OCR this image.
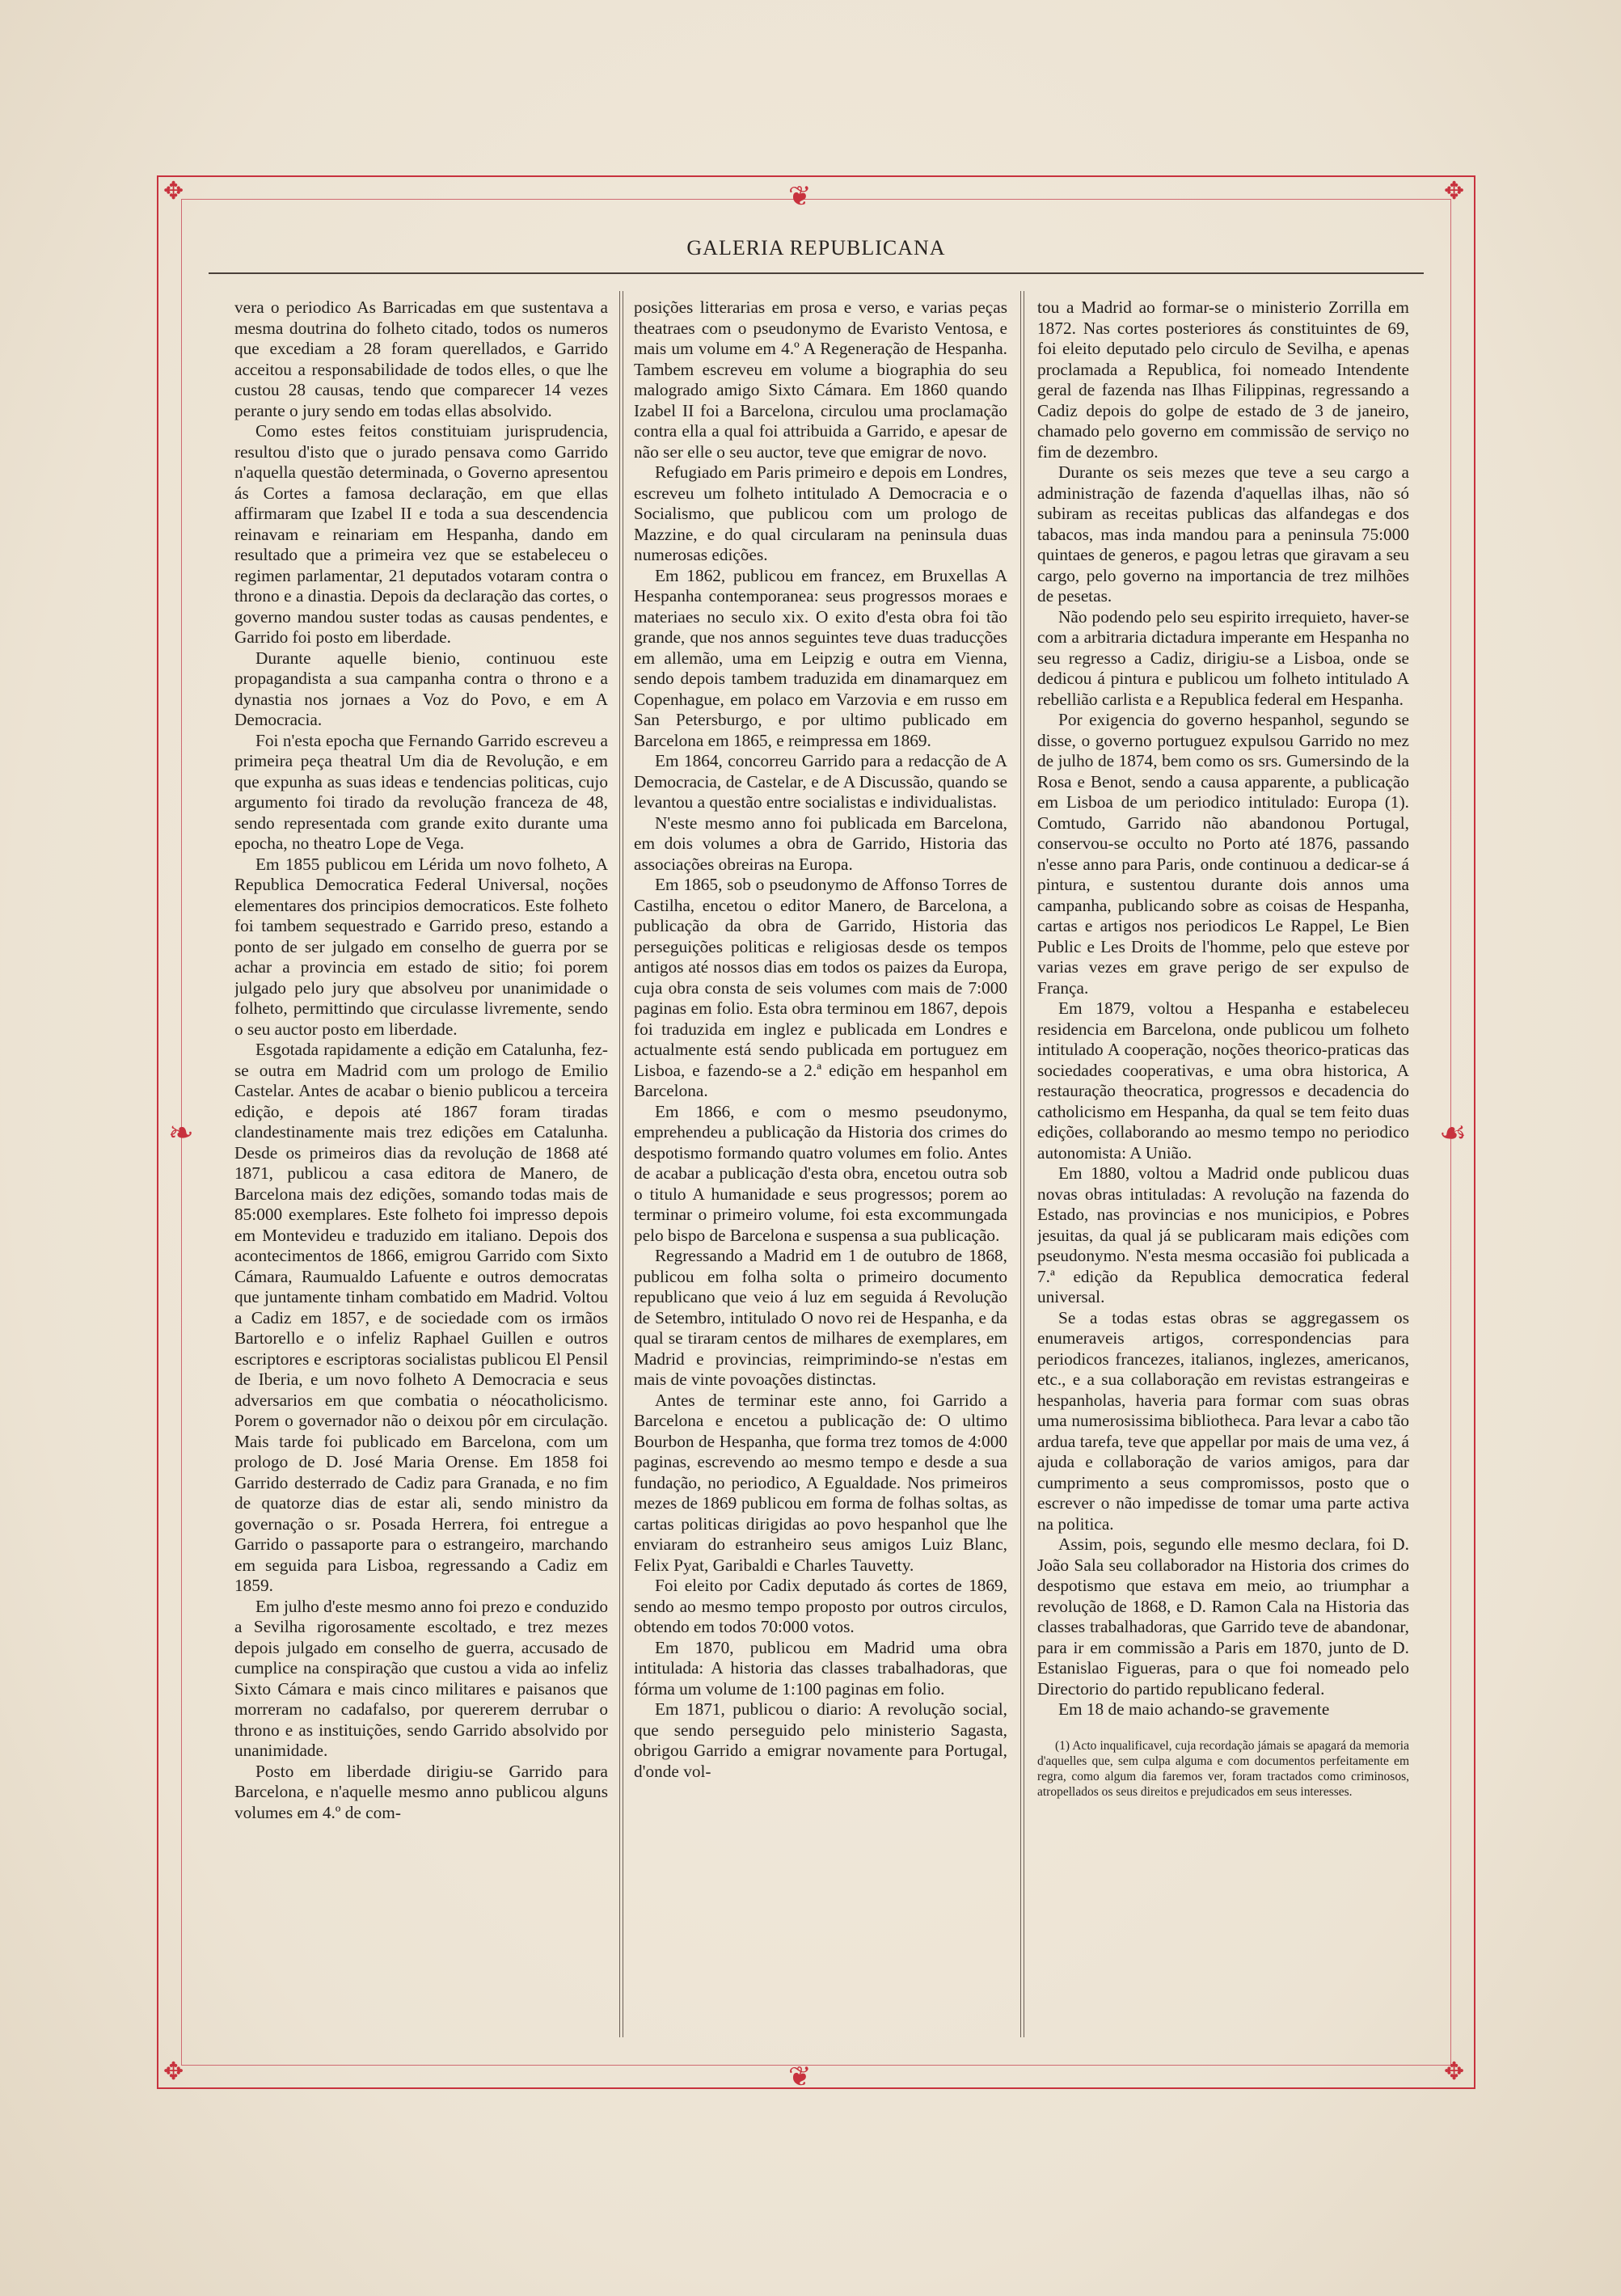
✥	✥
✥	✥
❦
❦
❧	☙
GALERIA REPUBLICANA

vera o periodico As Barricadas em que sustentava a mesma doutrina do folheto citado, todos os numeros que excediam a 28 foram querellados, e Garrido acceitou a responsabilidade de todos elles, o que lhe custou 28 causas, tendo que comparecer 14 vezes perante o jury sendo em todas ellas absolvido.

Como estes feitos constituiam jurisprudencia, resultou d'isto que o jurado pensava como Garrido n'aquella questão determinada, o Governo apresentou ás Cortes a famosa declaração, em que ellas affirmaram que Izabel II e toda a sua descendencia reinavam e reinariam em Hespanha, dando em resultado que a primeira vez que se estabeleceu o regimen parlamentar, 21 deputados votaram contra o throno e a dinastia. Depois da declaração das cortes, o governo mandou suster todas as causas pendentes, e Garrido foi posto em liberdade.

Durante aquelle bienio, continuou este propagandista a sua campanha contra o throno e a dynastia nos jornaes a Voz do Povo, e em A Democracia.

Foi n'esta epocha que Fernando Garrido escreveu a primeira peça theatral Um dia de Revolução, e em que expunha as suas ideas e tendencias politicas, cujo argumento foi tirado da revolução franceza de 48, sendo representada com grande exito durante uma epocha, no theatro Lope de Vega.

Em 1855 publicou em Lérida um novo folheto, A Republica Democratica Federal Universal, noções elementares dos principios democraticos. Este folheto foi tambem sequestrado e Garrido preso, estando a ponto de ser julgado em conselho de guerra por se achar a provincia em estado de sitio; foi porem julgado pelo jury que absolveu por unanimidade o folheto, permittindo que circulasse livremente, sendo o seu auctor posto em liberdade.

Esgotada rapidamente a edição em Catalunha, fez-se outra em Madrid com um prologo de Emilio Castelar. Antes de acabar o bienio publicou a terceira edição, e depois até 1867 foram tiradas clandestinamente mais trez edições em Catalunha. Desde os primeiros dias da revolução de 1868 até 1871, publicou a casa editora de Manero, de Barcelona mais dez edições, somando todas mais de 85:000 exemplares. Este folheto foi impresso depois em Montevideu e traduzido em italiano. Depois dos acontecimentos de 1866, emigrou Garrido com Sixto Cámara, Raumualdo Lafuente e outros democratas que juntamente tinham combatido em Madrid. Voltou a Cadiz em 1857, e de sociedade com os irmãos Bartorello e o infeliz Raphael Guillen e outros escriptores e escriptoras socialistas publicou El Pensil de Iberia, e um novo folheto A Democracia e seus adversarios em que combatia o néocatholicismo. Porem o governador não o deixou pôr em circulação. Mais tarde foi publicado em Barcelona, com um prologo de D. José Maria Orense. Em 1858 foi Garrido desterrado de Cadiz para Granada, e no fim de quatorze dias de estar ali, sendo ministro da governação o sr. Posada Herrera, foi entregue a Garrido o passaporte para o estrangeiro, marchando em seguida para Lisboa, regressando a Cadiz em 1859.

Em julho d'este mesmo anno foi prezo e conduzido a Sevilha rigorosamente escoltado, e trez mezes depois julgado em conselho de guerra, accusado de cumplice na conspiração que custou a vida ao infeliz Sixto Cámara e mais cinco militares e paisanos que morreram no cadafalso, por quererem derrubar o throno e as instituições, sendo Garrido absolvido por unanimidade.

Posto em liberdade dirigiu-se Garrido para Barcelona, e n'aquelle mesmo anno publicou alguns volumes em 4.º de com-

posições litterarias em prosa e verso, e varias peças theatraes com o pseudonymo de Evaristo Ventosa, e mais um volume em 4.º A Regeneração de Hespanha. Tambem escreveu em volume a biographia do seu malogrado amigo Sixto Cámara. Em 1860 quando Izabel II foi a Barcelona, circulou uma proclamação contra ella a qual foi attribuida a Garrido, e apesar de não ser elle o seu auctor, teve que emigrar de novo.

Refugiado em Paris primeiro e depois em Londres, escreveu um folheto intitulado A Democracia e o Socialismo, que publicou com um prologo de Mazzine, e do qual circularam na peninsula duas numerosas edições.

Em 1862, publicou em francez, em Bruxellas A Hespanha contemporanea: seus progressos moraes e materiaes no seculo xix. O exito d'esta obra foi tão grande, que nos annos seguintes teve duas traducções em allemão, uma em Leipzig e outra em Vienna, sendo depois tambem traduzida em dinamarquez em Copenhague, em polaco em Varzovia e em russo em San Petersburgo, e por ultimo publicado em Barcelona em 1865, e reimpressa em 1869.

Em 1864, concorreu Garrido para a redacção de A Democracia, de Castelar, e de A Discussão, quando se levantou a questão entre socialistas e individualistas.

N'este mesmo anno foi publicada em Barcelona, em dois volumes a obra de Garrido, Historia das associações obreiras na Europa.

Em 1865, sob o pseudonymo de Affonso Torres de Castilha, encetou o editor Manero, de Barcelona, a publicação da obra de Garrido, Historia das perseguições politicas e religiosas desde os tempos antigos até nossos dias em todos os paizes da Europa, cuja obra consta de seis volumes com mais de 7:000 paginas em folio. Esta obra terminou em 1867, depois foi traduzida em inglez e publicada em Londres e actualmente está sendo publicada em portuguez em Lisboa, e fazendo-se a 2.ª edição em hespanhol em Barcelona.

Em 1866, e com o mesmo pseudonymo, emprehendeu a publicação da Historia dos crimes do despotismo formando quatro volumes em folio. Antes de acabar a publicação d'esta obra, encetou outra sob o titulo A humanidade e seus progressos; porem ao terminar o primeiro volume, foi esta excommungada pelo bispo de Barcelona e suspensa a sua publicação.

Regressando a Madrid em 1 de outubro de 1868, publicou em folha solta o primeiro documento republicano que veio á luz em seguida á Revolução de Setembro, intitulado O novo rei de Hespanha, e da qual se tiraram centos de milhares de exemplares, em Madrid e provincias, reimprimindo-se n'estas em mais de vinte povoações distinctas.

Antes de terminar este anno, foi Garrido a Barcelona e encetou a publicação de: O ultimo Bourbon de Hespanha, que forma trez tomos de 4:000 paginas, escrevendo ao mesmo tempo e desde a sua fundação, no periodico, A Egualdade. Nos primeiros mezes de 1869 publicou em forma de folhas soltas, as cartas politicas dirigidas ao povo hespanhol que lhe enviaram do estranheiro seus amigos Luiz Blanc, Felix Pyat, Garibaldi e Charles Tauvetty.

Foi eleito por Cadix deputado ás cortes de 1869, sendo ao mesmo tempo proposto por outros circulos, obtendo em todos 70:000 votos.

Em 1870, publicou em Madrid uma obra intitulada: A historia das classes trabalhadoras, que fórma um volume de 1:100 paginas em folio.

Em 1871, publicou o diario: A revolução social, que sendo perseguido pelo ministerio Sagasta, obrigou Garrido a emigrar novamente para Portugal, d'onde vol-

tou a Madrid ao formar-se o ministerio Zorrilla em 1872. Nas cortes posteriores ás constituintes de 69, foi eleito deputado pelo circulo de Sevilha, e apenas proclamada a Republica, foi nomeado Intendente geral de fazenda nas Ilhas Filippinas, regressando a Cadiz depois do golpe de estado de 3 de janeiro, chamado pelo governo em commissão de serviço no fim de dezembro.

Durante os seis mezes que teve a seu cargo a administração de fazenda d'aquellas ilhas, não só subiram as receitas publicas das alfandegas e dos tabacos, mas inda mandou para a peninsula 75:000 quintaes de generos, e pagou letras que giravam a seu cargo, pelo governo na importancia de trez milhões de pesetas.

Não podendo pelo seu espirito irrequieto, haver-se com a arbitraria dictadura imperante em Hespanha no seu regresso a Cadiz, dirigiu-se a Lisboa, onde se dedicou á pintura e publicou um folheto intitulado A rebellião carlista e a Republica federal em Hespanha.

Por exigencia do governo hespanhol, segundo se disse, o governo portuguez expulsou Garrido no mez de julho de 1874, bem como os srs. Gumersindo de la Rosa e Benot, sendo a causa apparente, a publicação em Lisboa de um periodico intitulado: Europa (1). Comtudo, Garrido não abandonou Portugal, conservou-se occulto no Porto até 1876, passando n'esse anno para Paris, onde continuou a dedicar-se á pintura, e sustentou durante dois annos uma campanha, publicando sobre as coisas de Hespanha, cartas e artigos nos periodicos Le Rappel, Le Bien Public e Les Droits de l'homme, pelo que esteve por varias vezes em grave perigo de ser expulso de França.

Em 1879, voltou a Hespanha e estabeleceu residencia em Barcelona, onde publicou um folheto intitulado A cooperação, noções theorico-praticas das sociedades cooperativas, e uma obra historica, A restauração theocratica, progressos e decadencia do catholicismo em Hespanha, da qual se tem feito duas edições, collaborando ao mesmo tempo no periodico autonomista: A União.

Em 1880, voltou a Madrid onde publicou duas novas obras intituladas: A revolução na fazenda do Estado, nas provincias e nos municipios, e Pobres jesuitas, da qual já se publicaram mais edições com pseudonymo. N'esta mesma occasião foi publicada a 7.ª edição da Republica democratica federal universal.

Se a todas estas obras se aggregassem os enumeraveis artigos, correspondencias para periodicos francezes, italianos, inglezes, americanos, etc., e a sua collaboração em revistas estrangeiras e hespanholas, haveria para formar com suas obras uma numerosissima bibliotheca. Para levar a cabo tão ardua tarefa, teve que appellar por mais de uma vez, á ajuda e collaboração de varios amigos, para dar cumprimento a seus compromissos, posto que o escrever o não impedisse de tomar uma parte activa na politica.

Assim, pois, segundo elle mesmo declara, foi D. João Sala seu collaborador na Historia dos crimes do despotismo que estava em meio, ao triumphar a revolução de 1868, e D. Ramon Cala na Historia das classes trabalhadoras, que Garrido teve de abandonar, para ir em commissão a Paris em 1870, junto de D. Estanislao Figueras, para o que foi nomeado pelo Directorio do partido republicano federal.

Em 18 de maio achando-se gravemente

(1) Acto inqualificavel, cuja recordação jámais se apagará da memoria d'aquelles que, sem culpa alguma e com documentos perfeitamente em regra, como algum dia faremos ver, foram tractados como criminosos, atropellados os seus direitos e prejudicados em seus interesses.
